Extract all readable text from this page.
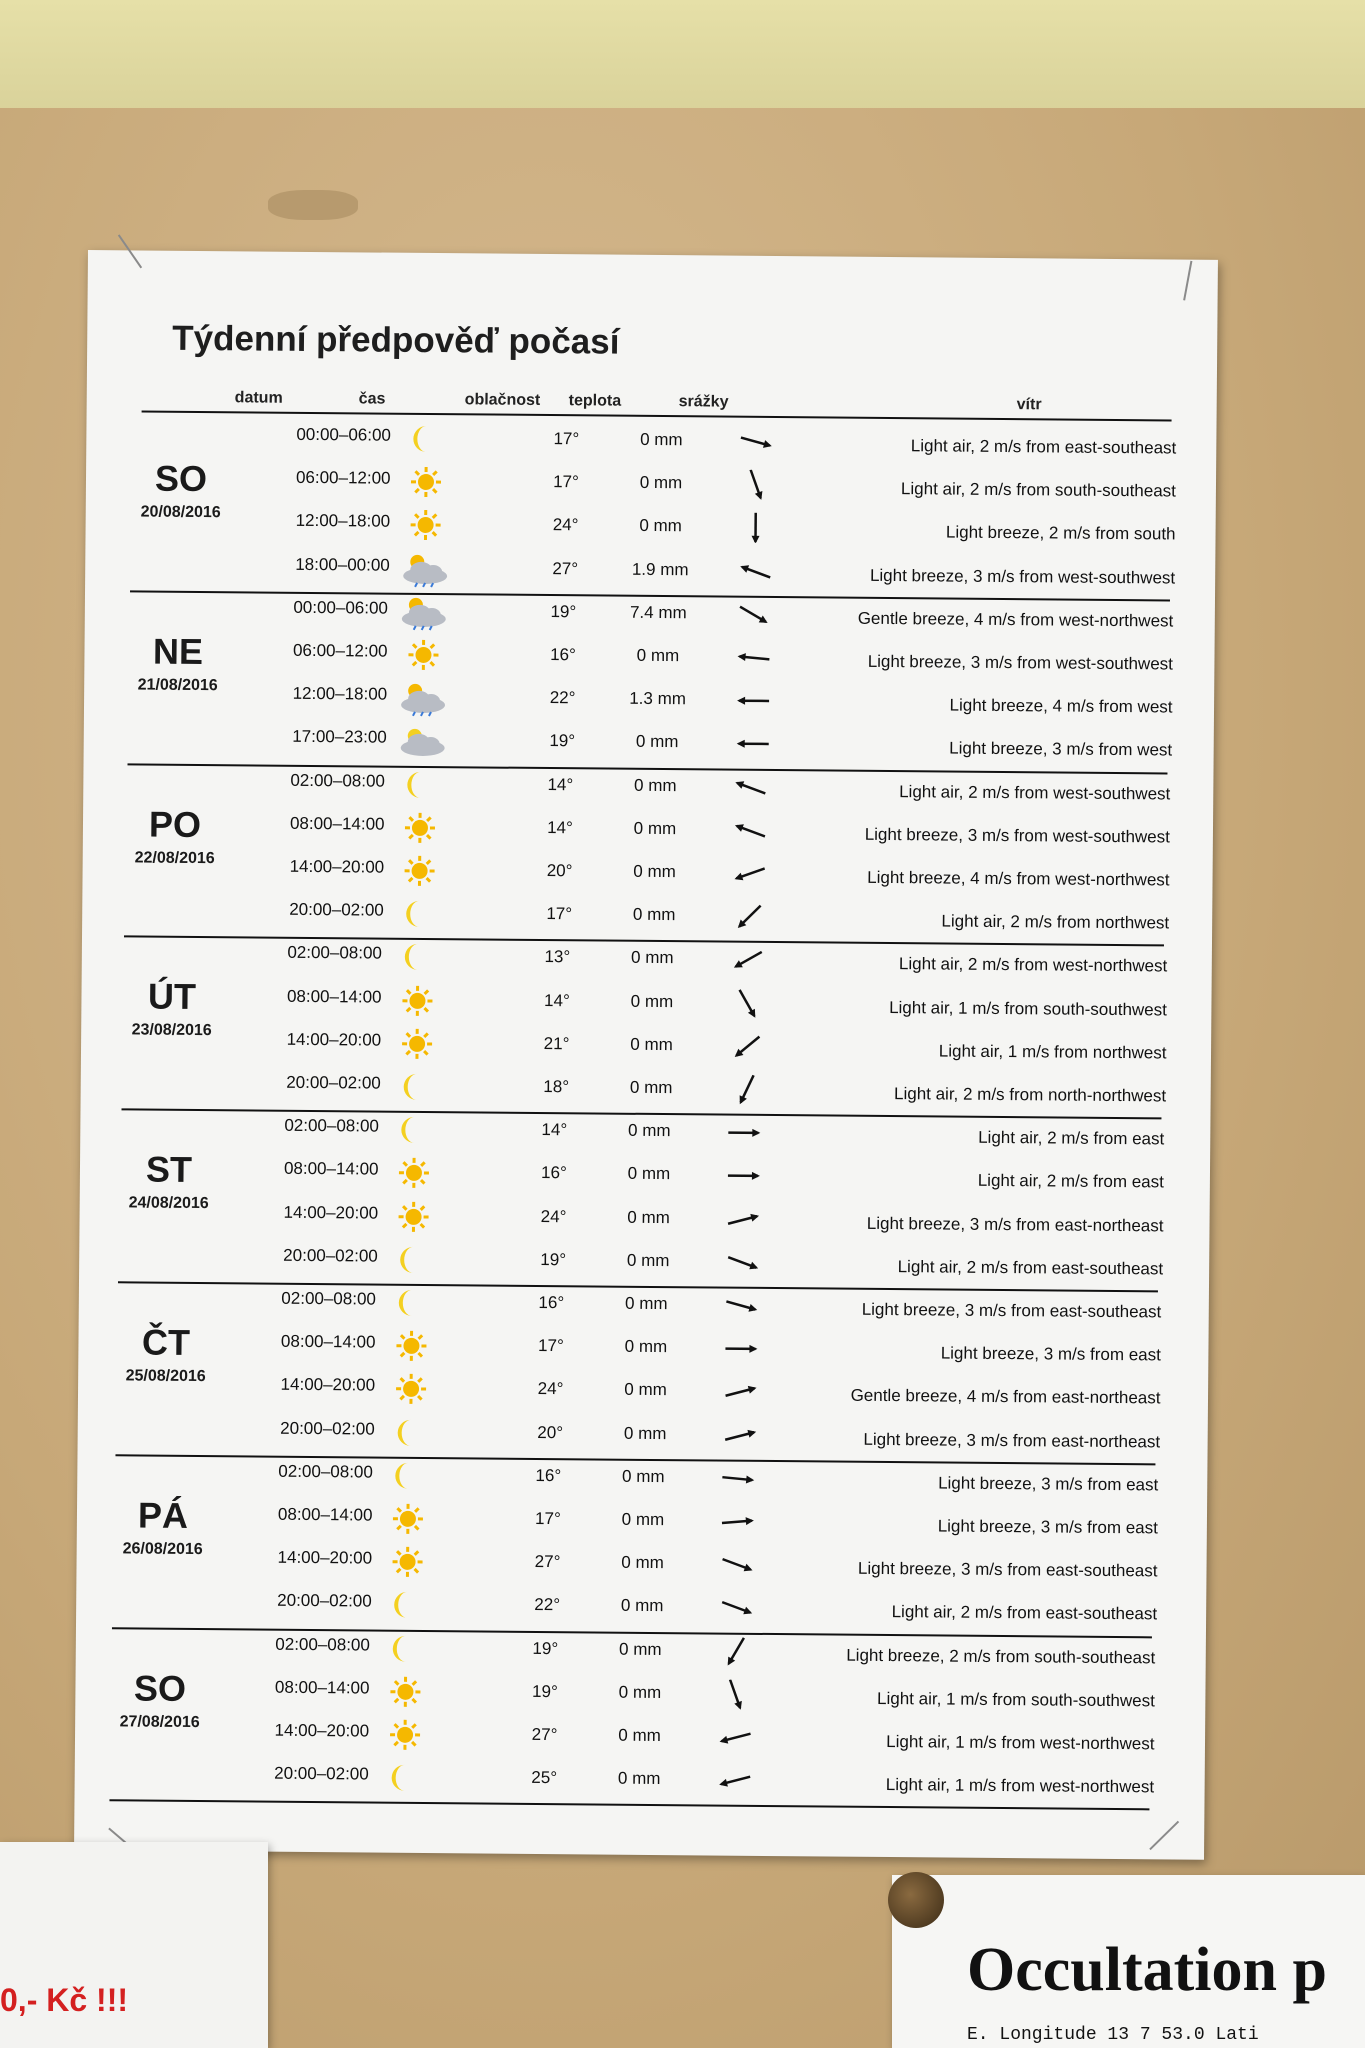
Týdenní předpověď počasí
datum	čas	oblačnost teplota	srážky	vítr
SO
20/08/2016
00:00–06:00	17°	0 mm	Light air, 2 m/s from east-southeast
06:00–12:00	17°	0 mm	Light air, 2 m/s from south-southeast
12:00–18:00	24°	0 mm	Light breeze, 2 m/s from south
18:00–00:00	27°	1.9 mm	Light breeze, 3 m/s from west-southwest
NE
21/08/2016
00:00–06:00	19°	7.4 mm	Gentle breeze, 4 m/s from west-northwest
06:00–12:00	16°	0 mm	Light breeze, 3 m/s from west-southwest
12:00–18:00	22°	1.3 mm	Light breeze, 4 m/s from west
17:00–23:00	19°	0 mm	Light breeze, 3 m/s from west
PO
22/08/2016
02:00–08:00	14°	0 mm	Light air, 2 m/s from west-southwest
08:00–14:00	14°	0 mm	Light breeze, 3 m/s from west-southwest
14:00–20:00	20°	0 mm	Light breeze, 4 m/s from west-northwest
20:00–02:00	17°	0 mm	Light air, 2 m/s from northwest
ÚT
23/08/2016
02:00–08:00	13°	0 mm	Light air, 2 m/s from west-northwest
08:00–14:00	14°	0 mm	Light air, 1 m/s from south-southwest
14:00–20:00	21°	0 mm	Light air, 1 m/s from northwest
20:00–02:00	18°	0 mm	Light air, 2 m/s from north-northwest
ST
24/08/2016
02:00–08:00	14°	0 mm	Light air, 2 m/s from east
08:00–14:00	16°	0 mm	Light air, 2 m/s from east
14:00–20:00	24°	0 mm	Light breeze, 3 m/s from east-northeast
20:00–02:00	19°	0 mm	Light air, 2 m/s from east-southeast
ČT
25/08/2016
02:00–08:00	16°	0 mm	Light breeze, 3 m/s from east-southeast
08:00–14:00	17°	0 mm	Light breeze, 3 m/s from east
14:00–20:00	24°	0 mm	Gentle breeze, 4 m/s from east-northeast
20:00–02:00	20°	0 mm	Light breeze, 3 m/s from east-northeast
PÁ
26/08/2016
02:00–08:00	16°	0 mm	Light breeze, 3 m/s from east
08:00–14:00	17°	0 mm	Light breeze, 3 m/s from east
14:00–20:00	27°	0 mm	Light breeze, 3 m/s from east-southeast
20:00–02:00	22°	0 mm	Light air, 2 m/s from east-southeast
SO
27/08/2016
02:00–08:00	19°	0 mm	Light breeze, 2 m/s from south-southeast
08:00–14:00	19°	0 mm	Light air, 1 m/s from south-southwest
14:00–20:00	27°	0 mm	Light air, 1 m/s from west-northwest
20:00–02:00	25°	0 mm	Light air, 1 m/s from west-northwest
0,- Kč !!!	Occultation p
E. Longitude 13 7 53.0 Lati
